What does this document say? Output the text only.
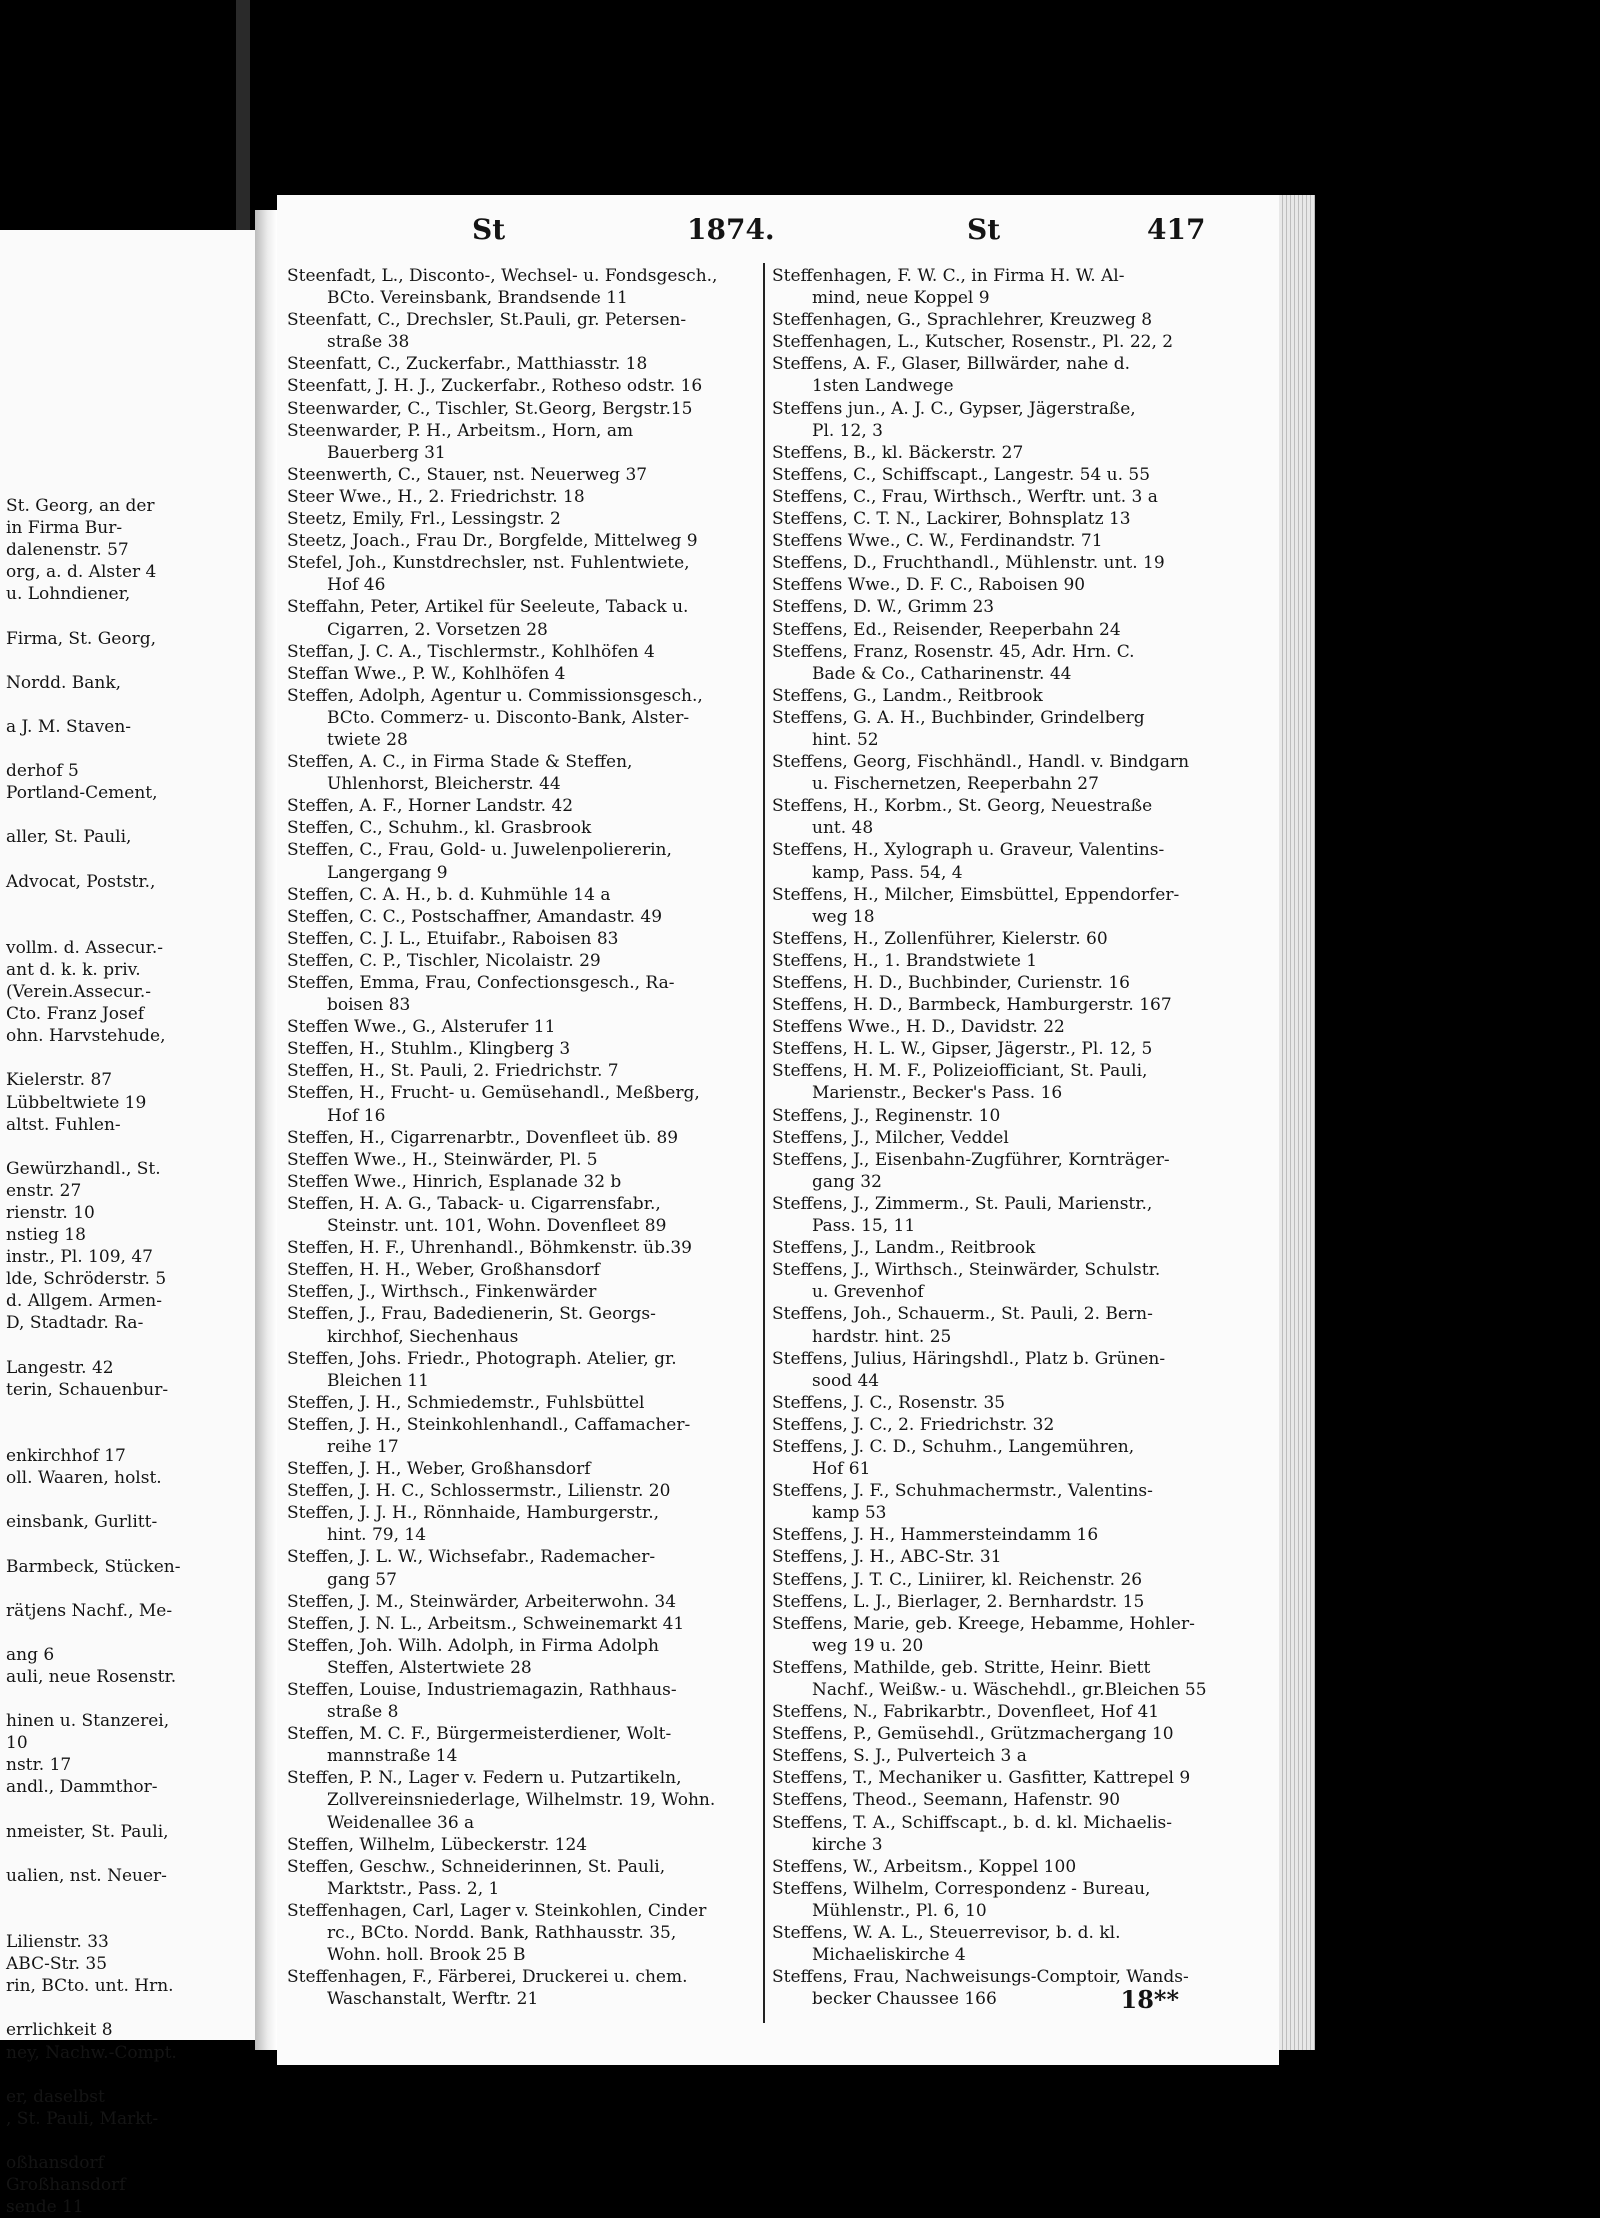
St. Georg, an der
in Firma Bur-
dalenenstr. 57
org, a. d. Alster 4
u. Lohndiener,
Firma, St. Georg,
Nordd. Bank,
a J. M. Staven-
derhof 5
Portland-Cement,
aller, St. Pauli,
Advocat, Poststr.,
vollm. d. Assecur.-
ant d. k. k. priv.
(Verein.Assecur.-
Cto. Franz Josef
ohn. Harvstehude,
Kielerstr. 87
Lübbeltwiete 19
altst. Fuhlen-
Gewürzhandl., St.
enstr. 27
rienstr. 10
nstieg 18
instr., Pl. 109, 47
lde, Schröderstr. 5
d. Allgem. Armen-
D, Stadtadr. Ra-
Langestr. 42
terin, Schauenbur-
enkirchhof 17
oll. Waaren, holst.
einsbank, Gurlitt-
Barmbeck, Stücken-
rätjens Nachf., Me-
ang 6
auli, neue Rosenstr.
hinen u. Stanzerei,
10
nstr. 17
andl., Dammthor-
nmeister, St. Pauli,
ualien, nst. Neuer-
Lilienstr. 33
ABC-Str. 35
rin, BCto. unt. Hrn.
errlichkeit 8
ney, Nachw.-Compt.
er, daselbst
, St. Pauli, Markt-
oßhansdorf
Großhansdorf
sende 11
St	1874.	St	417
Steenfadt, L., Disconto-, Wechsel- u. Fondsgesch.,
BCto. Vereinsbank, Brandsende 11
Steenfatt, C., Drechsler, St.Pauli, gr. Petersen-
straße 38
Steenfatt, C., Zuckerfabr., Matthiasstr. 18
Steenfatt, J. H. J., Zuckerfabr., Rotheso odstr. 16
Steenwarder, C., Tischler, St.Georg, Bergstr.15
Steenwarder, P. H., Arbeitsm., Horn, am
Bauerberg 31
Steenwerth, C., Stauer, nst. Neuerweg 37
Steer Wwe., H., 2. Friedrichstr. 18
Steetz, Emily, Frl., Lessingstr. 2
Steetz, Joach., Frau Dr., Borgfelde, Mittelweg 9
Stefel, Joh., Kunstdrechsler, nst. Fuhlentwiete,
Hof 46
Steffahn, Peter, Artikel für Seeleute, Taback u.
Cigarren, 2. Vorsetzen 28
Steffan, J. C. A., Tischlermstr., Kohlhöfen 4
Steffan Wwe., P. W., Kohlhöfen 4
Steffen, Adolph, Agentur u. Commissionsgesch.,
BCto. Commerz- u. Disconto-Bank, Alster-
twiete 28
Steffen, A. C., in Firma Stade & Steffen,
Uhlenhorst, Bleicherstr. 44
Steffen, A. F., Horner Landstr. 42
Steffen, C., Schuhm., kl. Grasbrook
Steffen, C., Frau, Gold- u. Juwelenpoliererin,
Langergang 9
Steffen, C. A. H., b. d. Kuhmühle 14 a
Steffen, C. C., Postschaffner, Amandastr. 49
Steffen, C. J. L., Etuifabr., Raboisen 83
Steffen, C. P., Tischler, Nicolaistr. 29
Steffen, Emma, Frau, Confectionsgesch., Ra-
boisen 83
Steffen Wwe., G., Alsterufer 11
Steffen, H., Stuhlm., Klingberg 3
Steffen, H., St. Pauli, 2. Friedrichstr. 7
Steffen, H., Frucht- u. Gemüsehandl., Meßberg,
Hof 16
Steffen, H., Cigarrenarbtr., Dovenfleet üb. 89
Steffen Wwe., H., Steinwärder, Pl. 5
Steffen Wwe., Hinrich, Esplanade 32 b
Steffen, H. A. G., Taback- u. Cigarrensfabr.,
Steinstr. unt. 101, Wohn. Dovenfleet 89
Steffen, H. F., Uhrenhandl., Böhmkenstr. üb.39
Steffen, H. H., Weber, Großhansdorf
Steffen, J., Wirthsch., Finkenwärder
Steffen, J., Frau, Badedienerin, St. Georgs-
kirchhof, Siechenhaus
Steffen, Johs. Friedr., Photograph. Atelier, gr.
Bleichen 11
Steffen, J. H., Schmiedemstr., Fuhlsbüttel
Steffen, J. H., Steinkohlenhandl., Caffamacher-
reihe 17
Steffen, J. H., Weber, Großhansdorf
Steffen, J. H. C., Schlossermstr., Lilienstr. 20
Steffen, J. J. H., Rönnhaide, Hamburgerstr.,
hint. 79, 14
Steffen, J. L. W., Wichsefabr., Rademacher-
gang 57
Steffen, J. M., Steinwärder, Arbeiterwohn. 34
Steffen, J. N. L., Arbeitsm., Schweinemarkt 41
Steffen, Joh. Wilh. Adolph, in Firma Adolph
Steffen, Alstertwiete 28
Steffen, Louise, Industriemagazin, Rathhaus-
straße 8
Steffen, M. C. F., Bürgermeisterdiener, Wolt-
mannstraße 14
Steffen, P. N., Lager v. Federn u. Putzartikeln,
Zollvereinsniederlage, Wilhelmstr. 19, Wohn.
Weidenallee 36 a
Steffen, Wilhelm, Lübeckerstr. 124
Steffen, Geschw., Schneiderinnen, St. Pauli,
Marktstr., Pass. 2, 1
Steffenhagen, Carl, Lager v. Steinkohlen, Cinder
rc., BCto. Nordd. Bank, Rathhausstr. 35,
Wohn. holl. Brook 25 B
Steffenhagen, F., Färberei, Druckerei u. chem.
Waschanstalt, Werftr. 21
Steffenhagen, F. W. C., in Firma H. W. Al-
mind, neue Koppel 9
Steffenhagen, G., Sprachlehrer, Kreuzweg 8
Steffenhagen, L., Kutscher, Rosenstr., Pl. 22, 2
Steffens, A. F., Glaser, Billwärder, nahe d.
1sten Landwege
Steffens jun., A. J. C., Gypser, Jägerstraße,
Pl. 12, 3
Steffens, B., kl. Bäckerstr. 27
Steffens, C., Schiffscapt., Langestr. 54 u. 55
Steffens, C., Frau, Wirthsch., Werftr. unt. 3 a
Steffens, C. T. N., Lackirer, Bohnsplatz 13
Steffens Wwe., C. W., Ferdinandstr. 71
Steffens, D., Fruchthandl., Mühlenstr. unt. 19
Steffens Wwe., D. F. C., Raboisen 90
Steffens, D. W., Grimm 23
Steffens, Ed., Reisender, Reeperbahn 24
Steffens, Franz, Rosenstr. 45, Adr. Hrn. C.
Bade & Co., Catharinenstr. 44
Steffens, G., Landm., Reitbrook
Steffens, G. A. H., Buchbinder, Grindelberg
hint. 52
Steffens, Georg, Fischhändl., Handl. v. Bindgarn
u. Fischernetzen, Reeperbahn 27
Steffens, H., Korbm., St. Georg, Neuestraße
unt. 48
Steffens, H., Xylograph u. Graveur, Valentins-
kamp, Pass. 54, 4
Steffens, H., Milcher, Eimsbüttel, Eppendorfer-
weg 18
Steffens, H., Zollenführer, Kielerstr. 60
Steffens, H., 1. Brandstwiete 1
Steffens, H. D., Buchbinder, Curienstr. 16
Steffens, H. D., Barmbeck, Hamburgerstr. 167
Steffens Wwe., H. D., Davidstr. 22
Steffens, H. L. W., Gipser, Jägerstr., Pl. 12, 5
Steffens, H. M. F., Polizeiofficiant, St. Pauli,
Marienstr., Becker's Pass. 16
Steffens, J., Reginenstr. 10
Steffens, J., Milcher, Veddel
Steffens, J., Eisenbahn-Zugführer, Kornträger-
gang 32
Steffens, J., Zimmerm., St. Pauli, Marienstr.,
Pass. 15, 11
Steffens, J., Landm., Reitbrook
Steffens, J., Wirthsch., Steinwärder, Schulstr.
u. Grevenhof
Steffens, Joh., Schauerm., St. Pauli, 2. Bern-
hardstr. hint. 25
Steffens, Julius, Häringshdl., Platz b. Grünen-
sood 44
Steffens, J. C., Rosenstr. 35
Steffens, J. C., 2. Friedrichstr. 32
Steffens, J. C. D., Schuhm., Langemühren,
Hof 61
Steffens, J. F., Schuhmachermstr., Valentins-
kamp 53
Steffens, J. H., Hammersteindamm 16
Steffens, J. H., ABC-Str. 31
Steffens, J. T. C., Liniirer, kl. Reichenstr. 26
Steffens, L. J., Bierlager, 2. Bernhardstr. 15
Steffens, Marie, geb. Kreege, Hebamme, Hohler-
weg 19 u. 20
Steffens, Mathilde, geb. Stritte, Heinr. Biett
Nachf., Weißw.- u. Wäschehdl., gr.Bleichen 55
Steffens, N., Fabrikarbtr., Dovenfleet, Hof 41
Steffens, P., Gemüsehdl., Grützmachergang 10
Steffens, S. J., Pulverteich 3 a
Steffens, T., Mechaniker u. Gasfitter, Kattrepel 9
Steffens, Theod., Seemann, Hafenstr. 90
Steffens, T. A., Schiffscapt., b. d. kl. Michaelis-
kirche 3
Steffens, W., Arbeitsm., Koppel 100
Steffens, Wilhelm, Correspondenz - Bureau,
Mühlenstr., Pl. 6, 10
Steffens, W. A. L., Steuerrevisor, b. d. kl.
Michaeliskirche 4
Steffens, Frau, Nachweisungs-Comptoir, Wands-
becker Chaussee 166	18**
